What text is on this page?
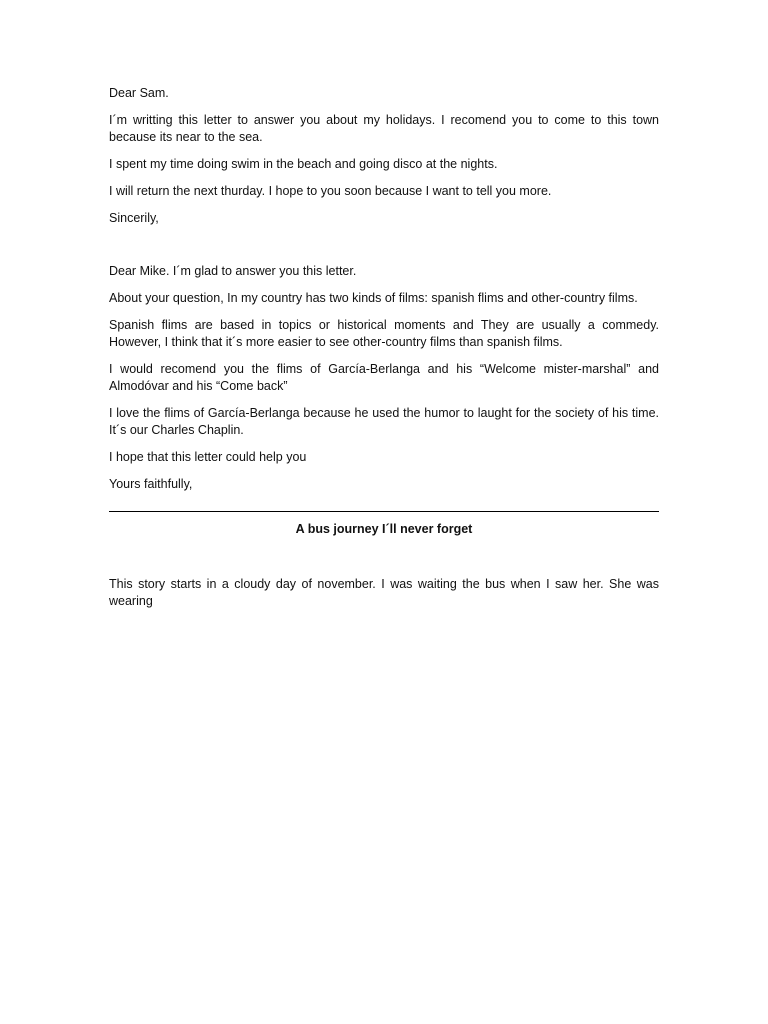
Dear Sam.

I´m writting this letter to answer you about my holidays. I recomend you to come to this town because its near to the sea.

I spent my time doing swim in the beach and going disco at the nights.

I will return the next thurday. I hope to you soon because I want to tell you more.

Sincerily,

Dear Mike. I´m glad to answer you this letter.

About your question, In my country has two kinds of films: spanish flims and other-country films.

Spanish flims are based in topics or historical moments and They are usually a commedy. However, I think that it´s more easier to see other-country films than spanish films.

I would recomend you the flims of García-Berlanga and his “Welcome mister-marshal” and Almodóvar and his “Come back”

I love the flims of García-Berlanga because he used the humor to laught for the society of his time. It´s our Charles Chaplin.

I hope that this letter could help you

Yours faithfully,

A bus journey I´ll never forget

This story starts in a cloudy day of november. I was waiting the bus when I saw her. She was wearing
